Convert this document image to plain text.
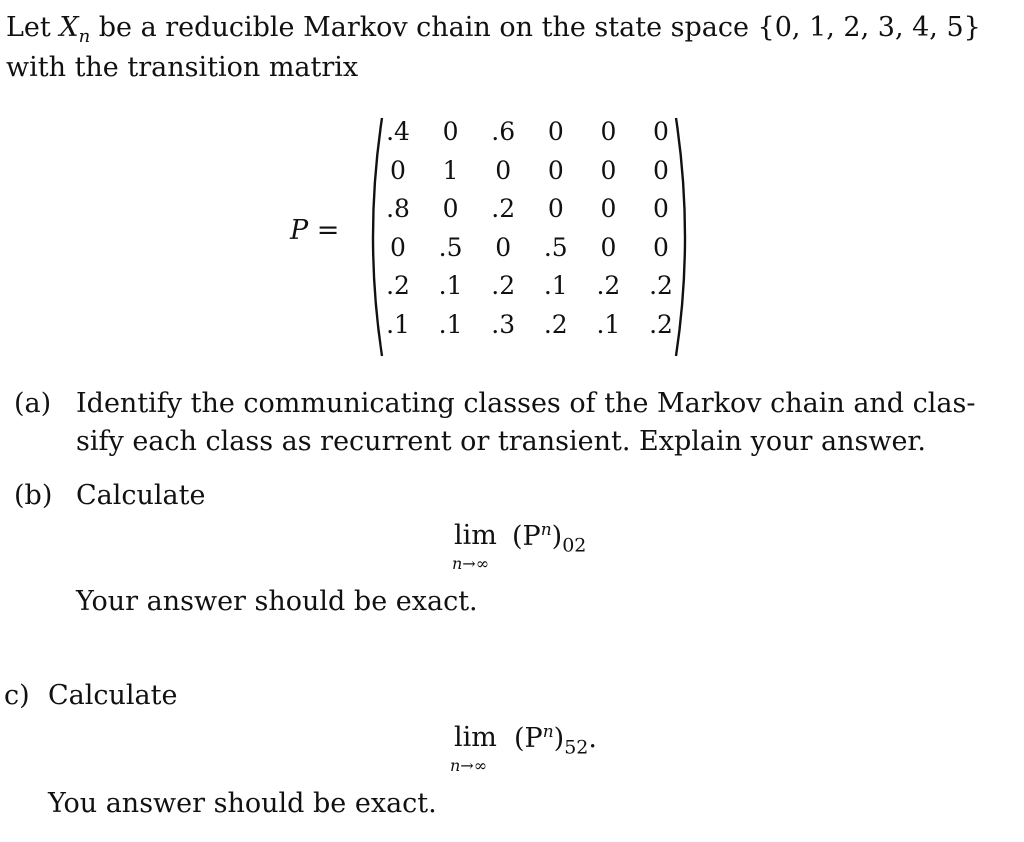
Let $X_n$ be a reducible Markov chain on the state space {0, 1, 2, 3, 4, 5}
with the transition matrix
P =
.4	0	.6	0	0	0
0	1	0	0	0	0
.8	0	.2	0	0	0
0	.5	0	.5	0	0
.2	.1	.2	.1	.2	.2
.1	.1	.3	.2	.1	.2
(a) Identify the communicating classes of the Markov chain and clas-
sify each class as recurrent or transient. Explain your answer.
(b) Calculate
lim
n→∞
$(P^n)_{02}$
Your answer should be exact.
c) Calculate
lim
n→∞
$(P^n)_{52}$.
You answer should be exact.
